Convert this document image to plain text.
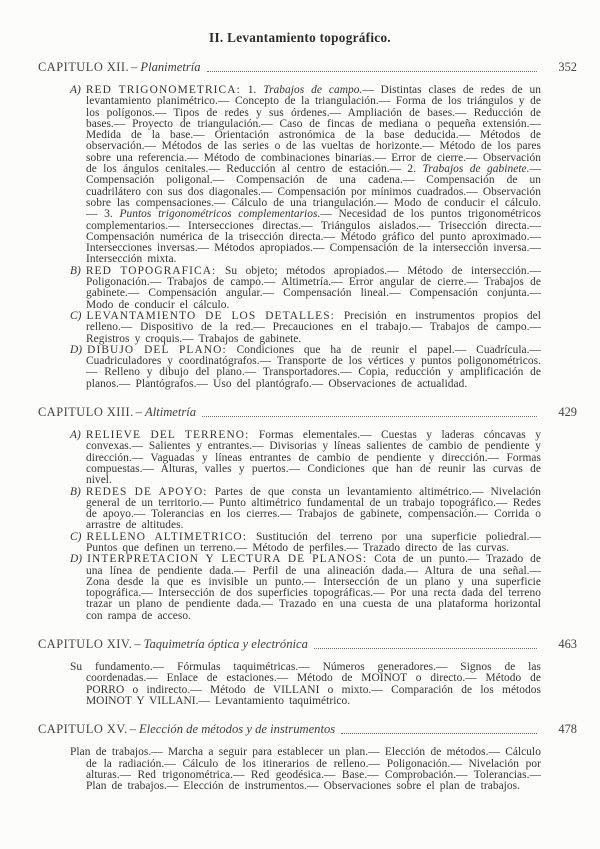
II. Levantamiento topográfico.
CAPITULO XII. – Planimetría	352

A) RED TRIGONOMETRICA: 1. Trabajos de campo.— Distintas clases de redes de un levantamiento planimétrico.— Concepto de la triangulación.— Forma de los triángulos y de los polígonos.— Tipos de redes y sus órdenes.— Ampliación de bases.— Reducción de bases.— Proyecto de triangulación.— Caso de fincas de mediana o pequeña extensión.— Medida de la base.— Orientación astronómica de la base deducida.— Métodos de observación.— Métodos de las series o de las vueltas de horizonte.— Método de los pares sobre una referencia.— Método de combinaciones binarias.— Error de cierre.— Observación de los ángulos cenitales.— Reducción al centro de estación.— 2. Trabajos de gabinete.— Compensación poligonal.— Compensación de una cadena.— Compensación de un cuadrilátero con sus dos diagonales.— Compensación por mínimos cuadrados.— Observación sobre las compensaciones.— Cálculo de una triangulación.— Modo de conducir el cálculo.— 3. Puntos trigonométricos complementarios.— Necesidad de los puntos trigonométricos complementarios.— Intersecciones directas.— Triángulos aislados.— Trisección directa.— Compensación numérica de la trisección directa.— Método gráfico del punto aproximado.— Intersecciones inversas.— Métodos apropiados.— Compensación de la intersección inversa.— Intersección mixta.

B) RED TOPOGRAFICA: Su objeto; métodos apropiados.— Método de intersección.— Poligonación.— Trabajos de campo.— Altimetría.— Error angular de cierre.— Trabajos de gabinete.— Compensación angular.— Compensación lineal.— Compensación conjunta.— Modo de conducir el cálculo.

C) LEVANTAMIENTO DE LOS DETALLES: Precisión en instrumentos propios del relleno.— Dispositivo de la red.— Precauciones en el trabajo.— Trabajos de campo.— Registros y croquis.— Trabajos de gabinete.

D) DIBUJO DEL PLANO: Condiciones que ha de reunir el papel.— Cuadrícula.— Cuadriculadores y coordinatógrafos.— Transporte de los vértices y puntos poligonométricos.— Relleno y dibujo del plano.— Transportadores.— Copia, reducción y amplificación de planos.— Plantógrafos.— Uso del plantógrafo.— Observaciones de actualidad.

CAPITULO XIII. – Altimetría	429

A) RELIEVE DEL TERRENO: Formas elementales.— Cuestas y laderas cóncavas y convexas.— Salientes y entrantes.— Divisorias y líneas salientes de cambio de pendiente y dirección.— Vaguadas y líneas entrantes de cambio de pendiente y dirección.— Formas compuestas.— Alturas, valles y puertos.— Condiciones que han de reunir las curvas de nivel.

B) REDES DE APOYO: Partes de que consta un levantamiento altimétrico.— Nivelación general de un territorio.— Punto altimétrico fundamental de un trabajo topográfico.— Redes de apoyo.— Tolerancias en los cierres.— Trabajos de gabinete, compensación.— Corrida o arrastre de altitudes.

C) RELLENO ALTIMETRICO: Sustitución del terreno por una superficie poliedral.— Puntos que definen un terreno.— Método de perfiles.— Trazado directo de las curvas.

D) INTERPRETACION Y LECTURA DE PLANOS: Cota de un punto.— Trazado de una línea de pendiente dada.— Perfil de una alineación dada.— Altura de una señal.— Zona desde la que es invisible un punto.— Intersección de un plano y una superficie topográfica.— Intersección de dos superficies topográficas.— Por una recta dada del terreno trazar un plano de pendiente dada.— Trazado en una cuesta de una plataforma horizontal con rampa de acceso.

CAPITULO XIV. – Taquimetría óptica y electrónica	463

Su fundamento.— Fórmulas taquimétricas.— Números generadores.— Signos de las coordenadas.— Enlace de estaciones.— Método de MOINOT o directo.— Método de PORRO o indirecto.— Método de VILLANI o mixto.— Comparación de los métodos MOINOT Y VILLANI.— Levantamiento taquimétrico.

CAPITULO XV. – Elección de métodos y de instrumentos	478

Plan de trabajos.— Marcha a seguir para establecer un plan.— Elección de métodos.— Cálculo de la radiación.— Cálculo de los itinerarios de relleno.— Poligonación.— Nivelación por alturas.— Red trigonométrica.— Red geodésica.— Base.— Comprobación.— Tolerancias.— Plan de trabajos.— Elección de instrumentos.— Observaciones sobre el plan de trabajos.
